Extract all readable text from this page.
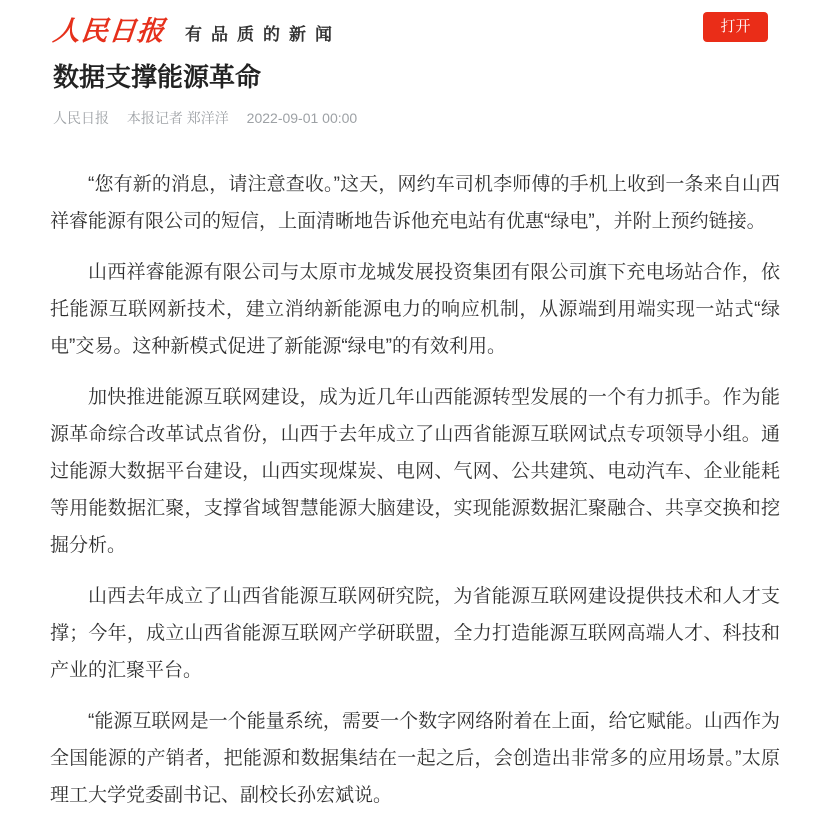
人民日报 有品质的新闻	打开
数据支撑能源革命
人民日报 本报记者 郑洋洋 2022-09-01 00:00

“您有新的消息，请注意查收。”这天，网约车司机李师傅的手机上收到一条来自山西祥睿能源有限公司的短信，上面清晰地告诉他充电站有优惠“绿电”，并附上预约链接。

山西祥睿能源有限公司与太原市龙城发展投资集团有限公司旗下充电场站合作，依托能源互联网新技术，建立消纳新能源电力的响应机制，从源端到用端实现一站式“绿电”交易。这种新模式促进了新能源“绿电”的有效利用。

加快推进能源互联网建设，成为近几年山西能源转型发展的一个有力抓手。作为能源革命综合改革试点省份，山西于去年成立了山西省能源互联网试点专项领导小组。通过能源大数据平台建设，山西实现煤炭、电网、气网、公共建筑、电动汽车、企业能耗等用能数据汇聚，支撑省域智慧能源大脑建设，实现能源数据汇聚融合、共享交换和挖掘分析。

山西去年成立了山西省能源互联网研究院，为省能源互联网建设提供技术和人才支撑；今年，成立山西省能源互联网产学研联盟，全力打造能源互联网高端人才、科技和产业的汇聚平台。

“能源互联网是一个能量系统，需要一个数字网络附着在上面，给它赋能。山西作为全国能源的产销者，把能源和数据集结在一起之后，会创造出非常多的应用场景。”太原理工大学党委副书记、副校长孙宏斌说。
